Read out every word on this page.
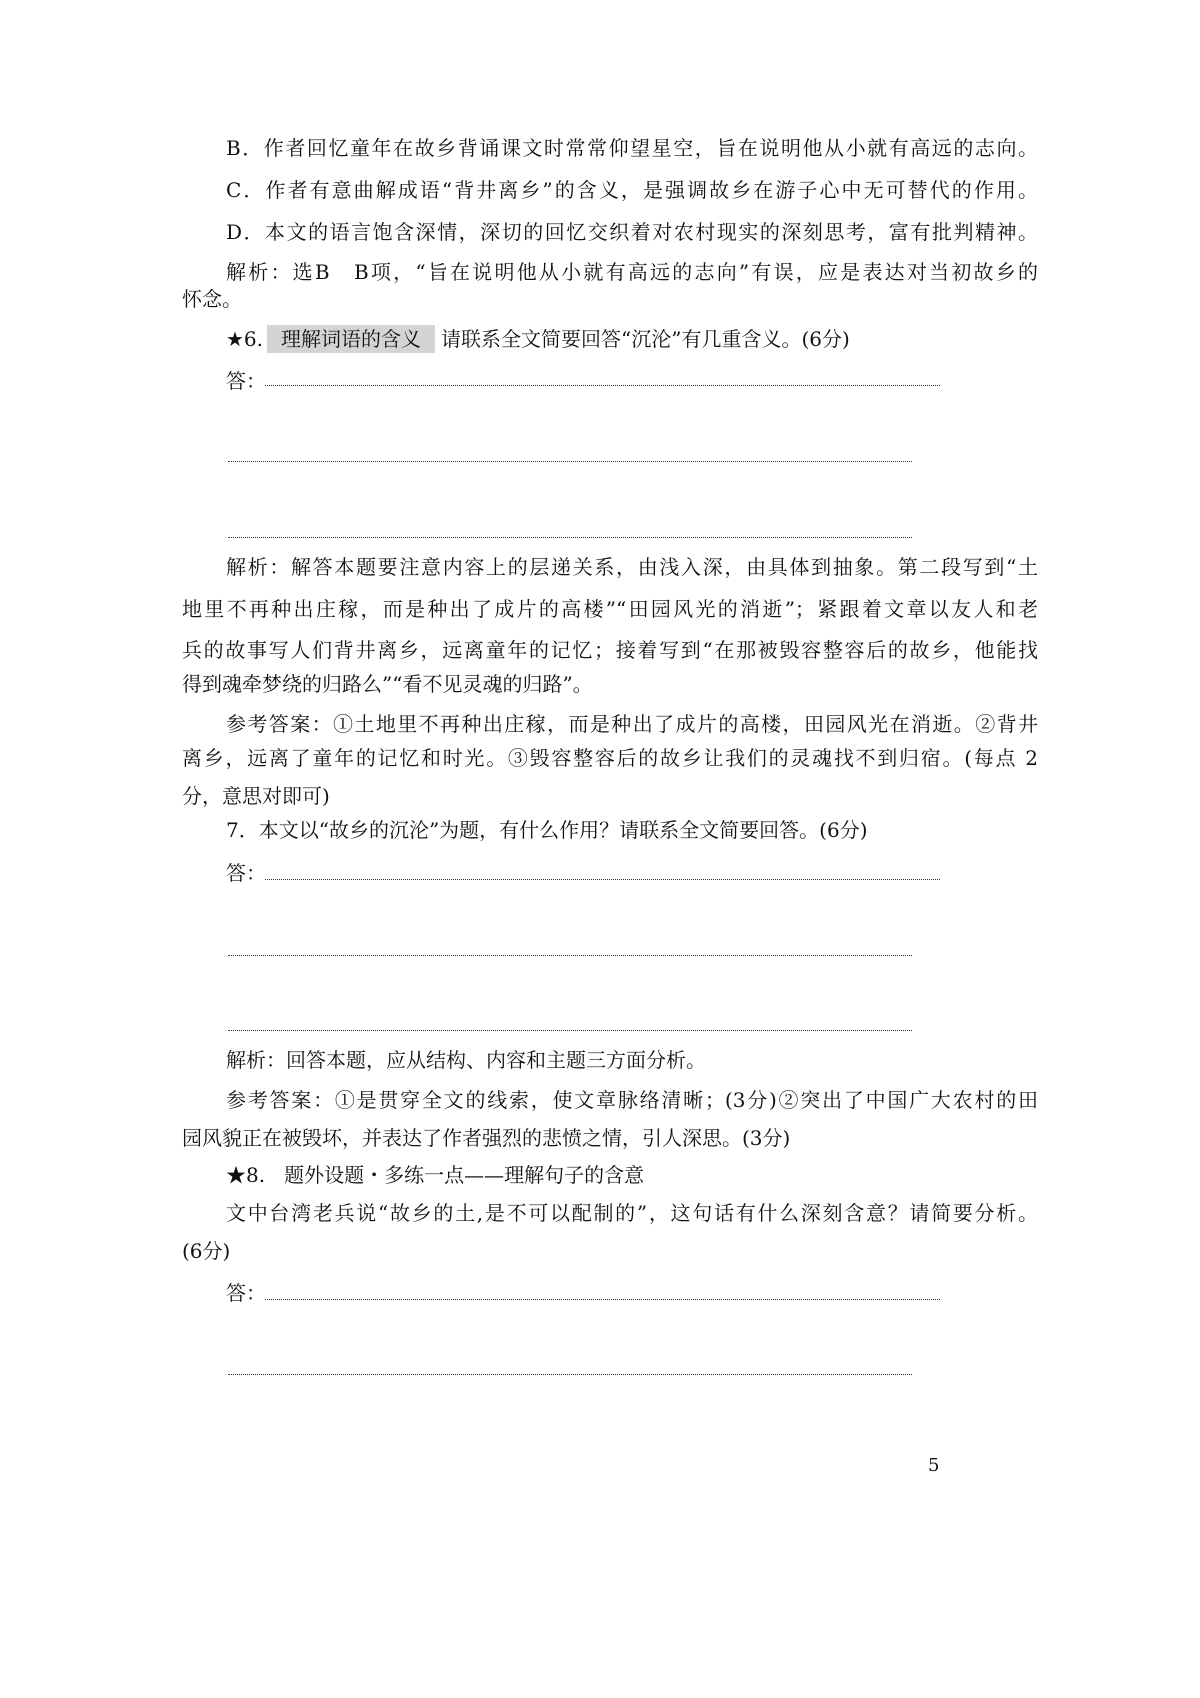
B．作者回忆童年在故乡背诵课文时常常仰望星空，旨在说明他从小就有高远的志向。
C．作者有意曲解成语“背井离乡”的含义，是强调故乡在游子心中无可替代的作用。
D．本文的语言饱含深情，深切的回忆交织着对农村现实的深刻思考，富有批判精神。
解析：选B　B项，“旨在说明他从小就有高远的志向”有误，应是表达对当初故乡的
怀念。
★6. 理解词语的含义 请联系全文简要回答“沉沦”有几重含义。(6分)
答：
解析：解答本题要注意内容上的层递关系，由浅入深，由具体到抽象。第二段写到“土
地里不再种出庄稼，而是种出了成片的高楼”“田园风光的消逝”；紧跟着文章以友人和老
兵的故事写人们背井离乡，远离童年的记忆；接着写到“在那被毁容整容后的故乡，他能找
得到魂牵梦绕的归路么”“看不见灵魂的归路”。
参考答案：①土地里不再种出庄稼，而是种出了成片的高楼，田园风光在消逝。②背井
离乡，远离了童年的记忆和时光。③毁容整容后的故乡让我们的灵魂找不到归宿。(每点 2
分，意思对即可)
7．本文以“故乡的沉沦”为题，有什么作用？请联系全文简要回答。(6分)
答：
解析：回答本题，应从结构、内容和主题三方面分析。
参考答案：①是贯穿全文的线索，使文章脉络清晰；(3分)②突出了中国广大农村的田
园风貌正在被毁坏，并表达了作者强烈的悲愤之情，引人深思。(3分)
★8. 题外设题・多练一点——理解句子的含意
文中台湾老兵说“故乡的土,是不可以配制的”，这句话有什么深刻含意？请简要分析。
(6分)
答：
5
